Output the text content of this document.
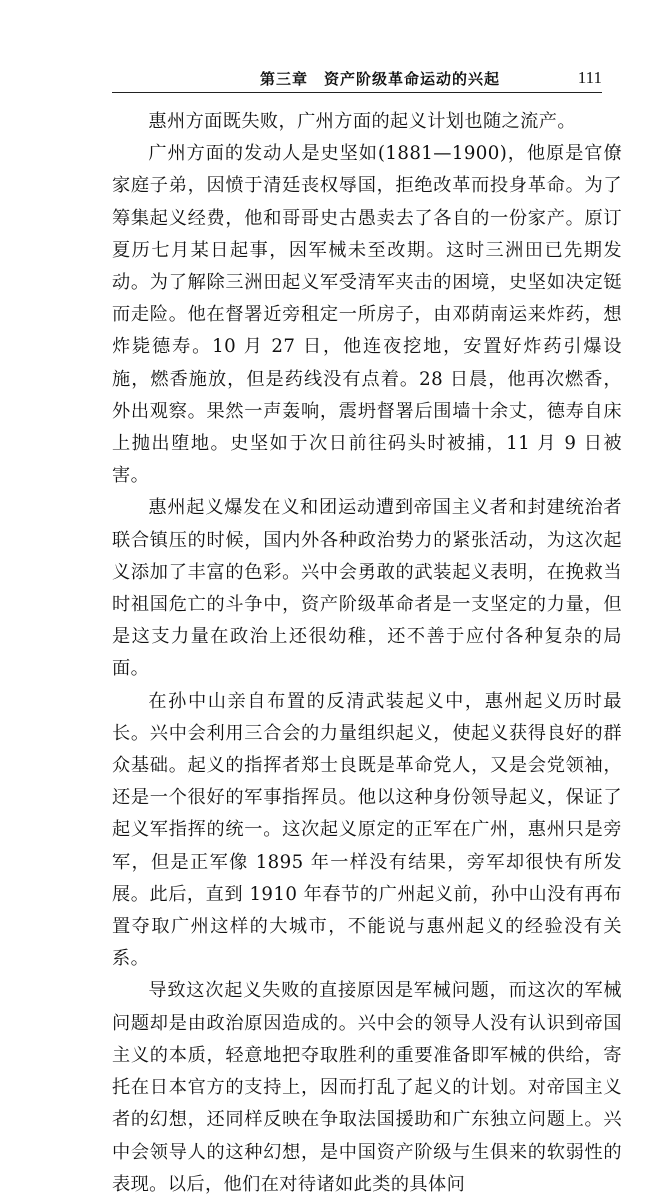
第三章　资产阶级革命运动的兴起	111

惠州方面既失败，广州方面的起义计划也随之流产。

广州方面的发动人是史坚如(1881—1900)，他原是官僚家庭子弟，因愤于清廷丧权辱国，拒绝改革而投身革命。为了筹集起义经费，他和哥哥史古愚卖去了各自的一份家产。原订夏历七月某日起事，因军械未至改期。这时三洲田已先期发动。为了解除三洲田起义军受清军夹击的困境，史坚如决定铤而走险。他在督署近旁租定一所房子，由邓荫南运来炸药，想炸毙德寿。10 月 27 日，他连夜挖地，安置好炸药引爆设施，燃香施放，但是药线没有点着。28 日晨，他再次燃香，外出观察。果然一声轰响，震坍督署后围墙十余丈，德寿自床上抛出堕地。史坚如于次日前往码头时被捕，11 月 9 日被害。

惠州起义爆发在义和团运动遭到帝国主义者和封建统治者联合镇压的时候，国内外各种政治势力的紧张活动，为这次起义添加了丰富的色彩。兴中会勇敢的武装起义表明，在挽救当时祖国危亡的斗争中，资产阶级革命者是一支坚定的力量，但是这支力量在政治上还很幼稚，还不善于应付各种复杂的局面。

在孙中山亲自布置的反清武装起义中，惠州起义历时最长。兴中会利用三合会的力量组织起义，使起义获得良好的群众基础。起义的指挥者郑士良既是革命党人，又是会党领袖，还是一个很好的军事指挥员。他以这种身份领导起义，保证了起义军指挥的统一。这次起义原定的正军在广州，惠州只是旁军，但是正军像 1895 年一样没有结果，旁军却很快有所发展。此后，直到 1910 年春节的广州起义前，孙中山没有再布置夺取广州这样的大城市，不能说与惠州起义的经验没有关系。

导致这次起义失败的直接原因是军械问题，而这次的军械问题却是由政治原因造成的。兴中会的领导人没有认识到帝国主义的本质，轻意地把夺取胜利的重要准备即军械的供给，寄托在日本官方的支持上，因而打乱了起义的计划。对帝国主义者的幻想，还同样反映在争取法国援助和广东独立问题上。兴中会领导人的这种幻想，是中国资产阶级与生俱来的软弱性的表现。以后，他们在对待诸如此类的具体问
